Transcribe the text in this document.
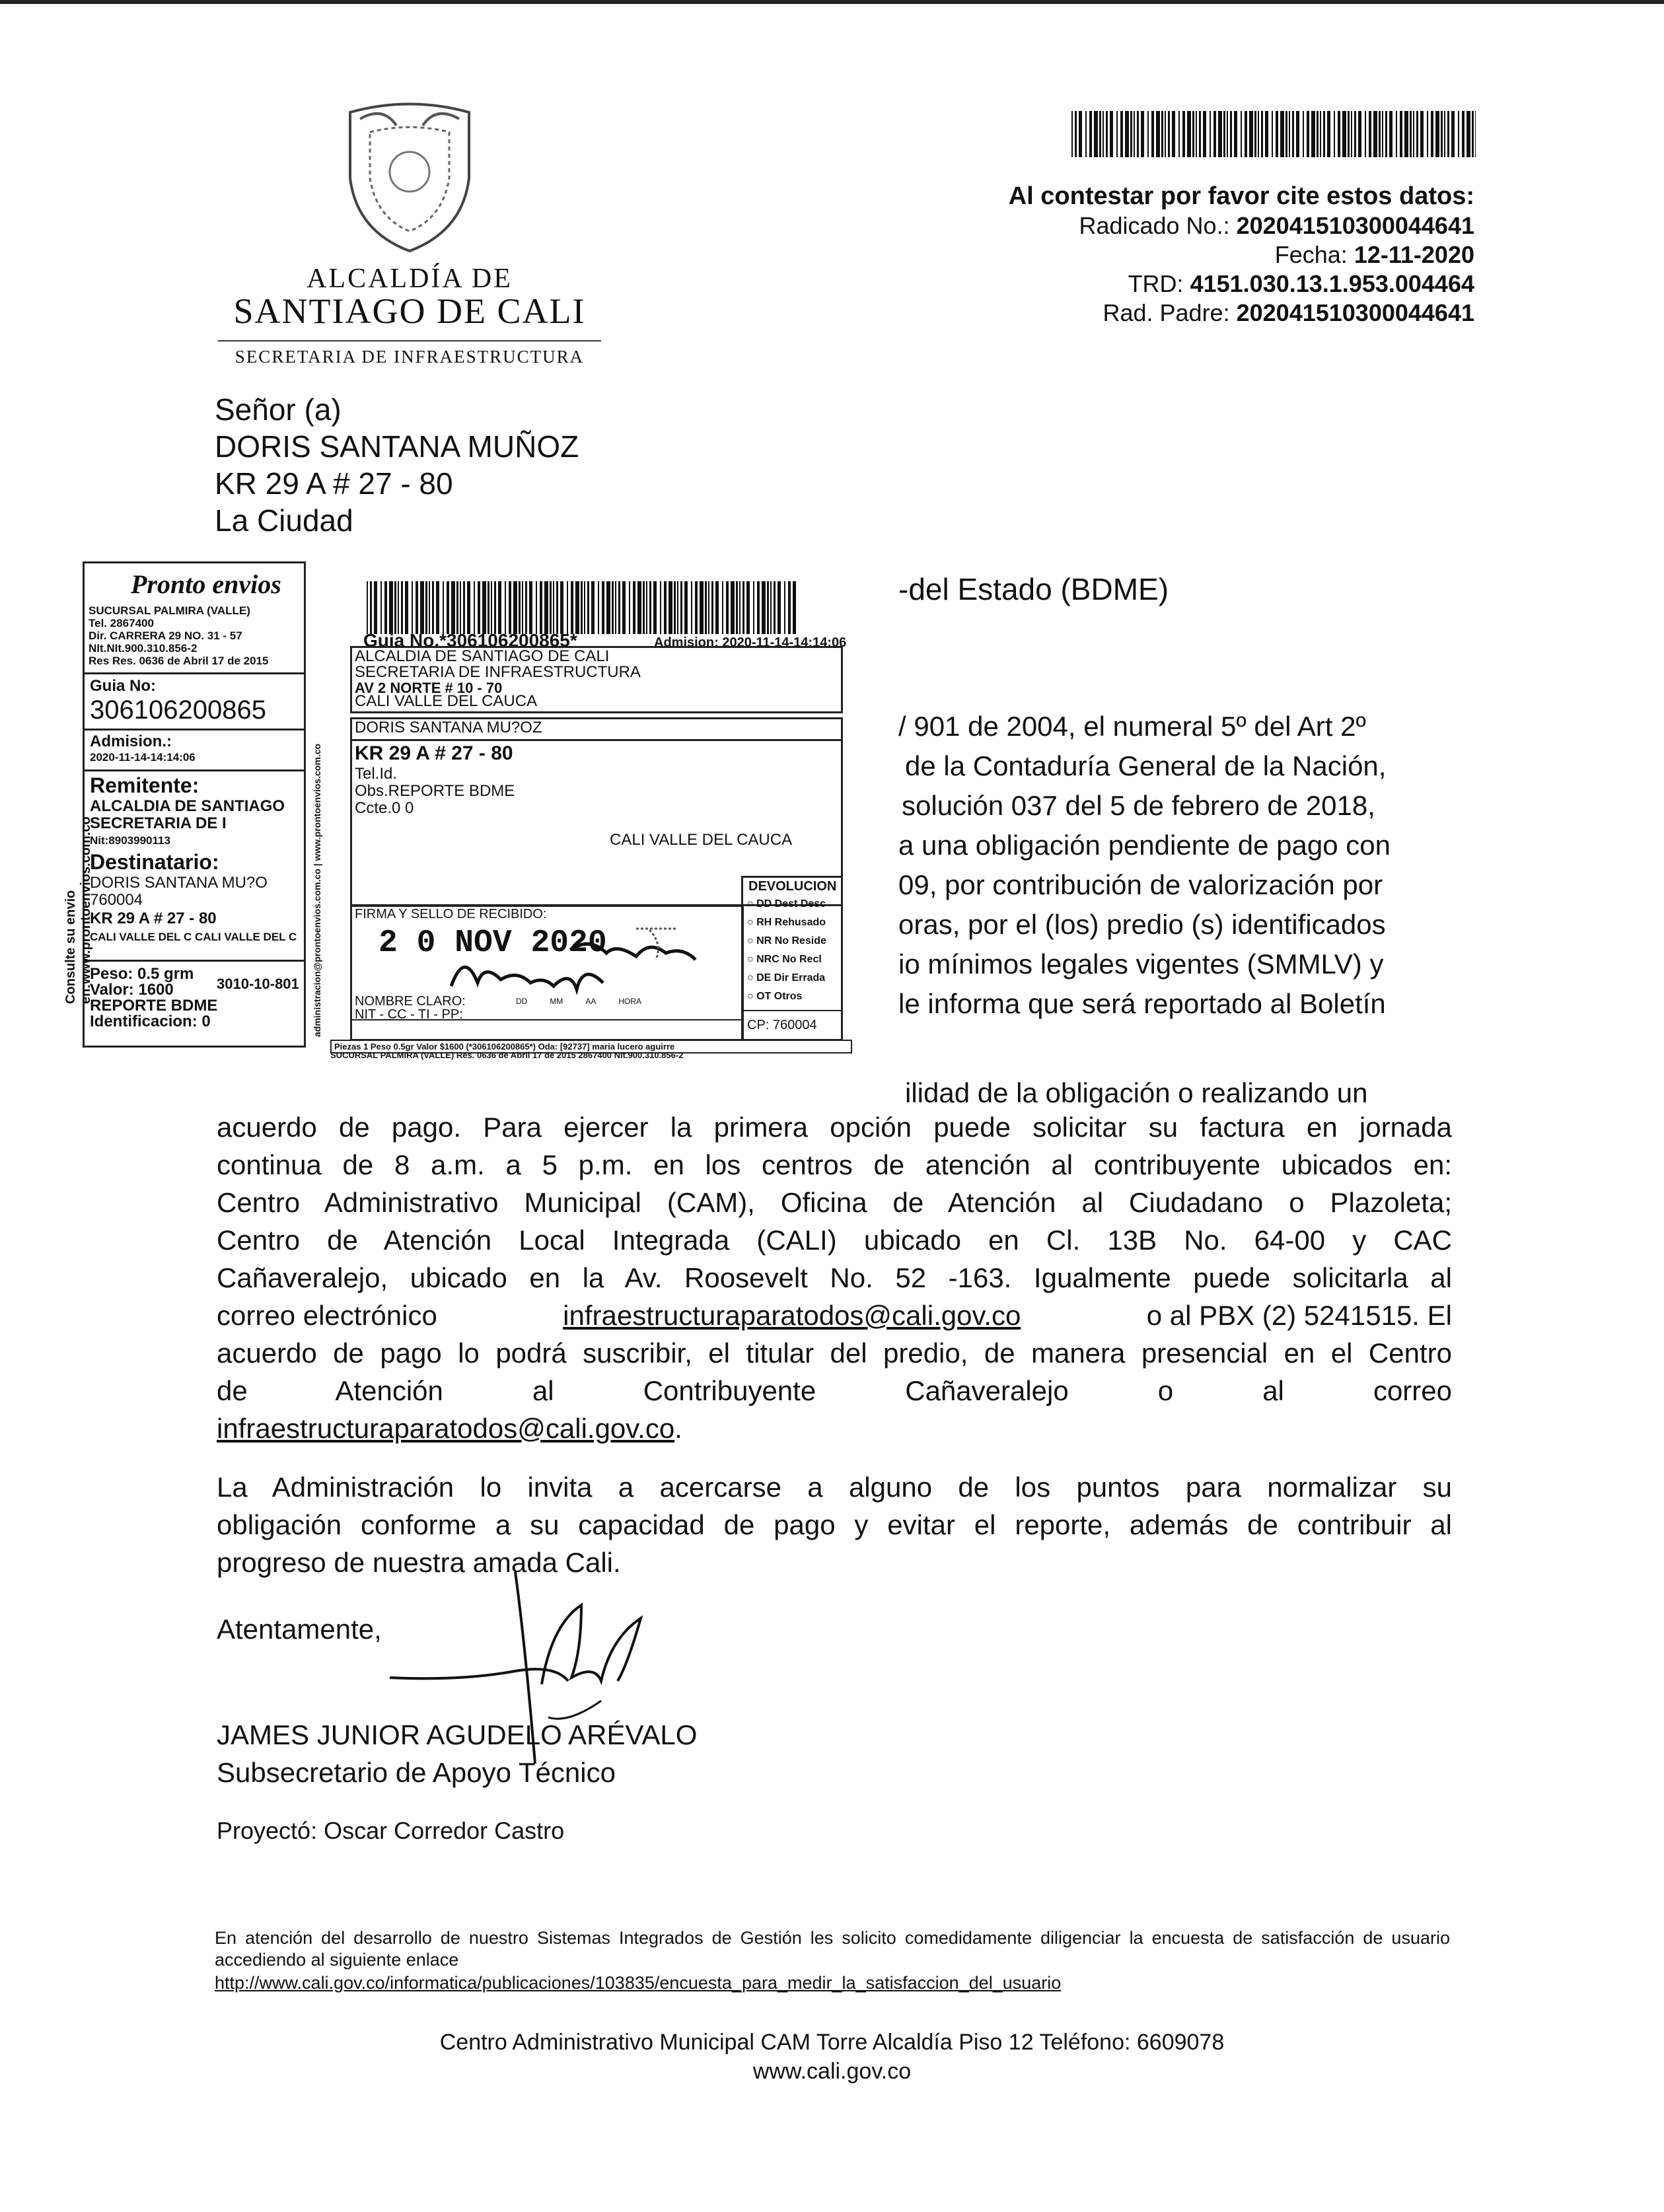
ALCALDÍA DE
SANTIAGO DE CALI
SECRETARIA DE INFRAESTRUCTURA
Al contestar por favor cite estos datos:
Radicado No.: 202041510300044641
Fecha: 12-11-2020
TRD: 4151.030.13.1.953.004464
Rad. Padre: 202041510300044641
Señor (a)
DORIS SANTANA MUÑOZ
KR 29 A # 27 - 80
La Ciudad
-del Estado (BDME)
/ 901 de 2004, el numeral 5º del Art 2º
de la Contaduría General de la Nación,
solución 037 del 5 de febrero de 2018,
a una obligación pendiente de pago con
09, por contribución de valorización por
oras, por el (los) predio (s) identificados
io mínimos legales vigentes (SMMLV) y
le informa que será reportado al Boletín
ilidad de la obligación o realizando un
Pronto envios
SUCURSAL PALMIRA (VALLE)
Tel. 2867400
Dir. CARRERA 29 NO. 31 - 57
NIt.NIt.900.310.856-2
Res Res. 0636 de Abril 17 de 2015
Guia No:
306106200865
Admision.:
2020-11-14-14:14:06
Remitente:
ALCALDIA DE SANTIAGO
SECRETARIA DE I
Nit:8903990113
Destinatario:
DORIS SANTANA MU?O
760004
KR 29 A # 27 - 80
CALI VALLE DEL C CALI VALLE DEL C
Peso: 0.5 grm
Valor: 1600
REPORTE BDME
Identificacion: 0
3010-10-801
Consulte su envio en:www.prontoenvios.com.co
Guia No.*306106200865*	Admision: 2020-11-14-14:14:06
ALCALDIA DE SANTIAGO DE CALI
SECRETARIA DE INFRAESTRUCTURA
AV 2 NORTE # 10 - 70
CALI VALLE DEL CAUCA
DORIS SANTANA MU?OZ
KR 29 A # 27 - 80
Tel.Id.
Obs.REPORTE BDME
Ccte.0 0
CALI VALLE DEL CAUCA
FIRMA Y SELLO DE RECIBIDO:
2 0 NOV 2020
NOMBRE CLARO:
NIT - CC - TI - PP:
DD	MM	AA	HORA
DEVOLUCION
○ DD Dest Desc
○ RH Rehusado
○ NR No Reside
○ NRC No Recl
○ DE Dir Errada
○ OT Otros
CP: 760004
Piezas 1 Peso 0.5gr Valor $1600 (*306106200865*) Oda: [92737] maria lucero aguirre
SUCURSAL PALMIRA (VALLE) Res. 0636 de Abril 17 de 2015 2867400 NIt.900.310.856-2
administracion@prontoenvios.com.co | www.prontoenvios.com.co
acuerdo de pago. Para ejercer la primera opción puede solicitar su factura en jornada
continua de 8 a.m. a 5 p.m. en los centros de atención al contribuyente ubicados en:
Centro Administrativo Municipal (CAM), Oficina de Atención al Ciudadano o Plazoleta;
Centro de Atención Local Integrada (CALI) ubicado en Cl. 13B No. 64-00 y CAC
Cañaveralejo, ubicado en la Av. Roosevelt No. 52 -163. Igualmente puede solicitarla al
correo electrónico	infraestructuraparatodos@cali.gov.co	o al PBX (2) 5241515. El
acuerdo de pago lo podrá suscribir, el titular del predio, de manera presencial en el Centro
de Atención al Contribuyente Cañaveralejo o al correo
infraestructuraparatodos@cali.gov.co.
La Administración lo invita a acercarse a alguno de los puntos para normalizar su
obligación conforme a su capacidad de pago y evitar el reporte, además de contribuir al
progreso de nuestra amada Cali.
Atentamente,
JAMES JUNIOR AGUDELO ARÉVALO
Subsecretario de Apoyo Técnico
Proyectó: Oscar Corredor Castro
En atención del desarrollo de nuestro Sistemas Integrados de Gestión les solicito comedidamente diligenciar la encuesta de satisfacción de usuario accediendo al siguiente enlace
http://www.cali.gov.co/informatica/publicaciones/103835/encuesta_para_medir_la_satisfaccion_del_usuario
Centro Administrativo Municipal CAM Torre Alcaldía Piso 12 Teléfono: 6609078
www.cali.gov.co
